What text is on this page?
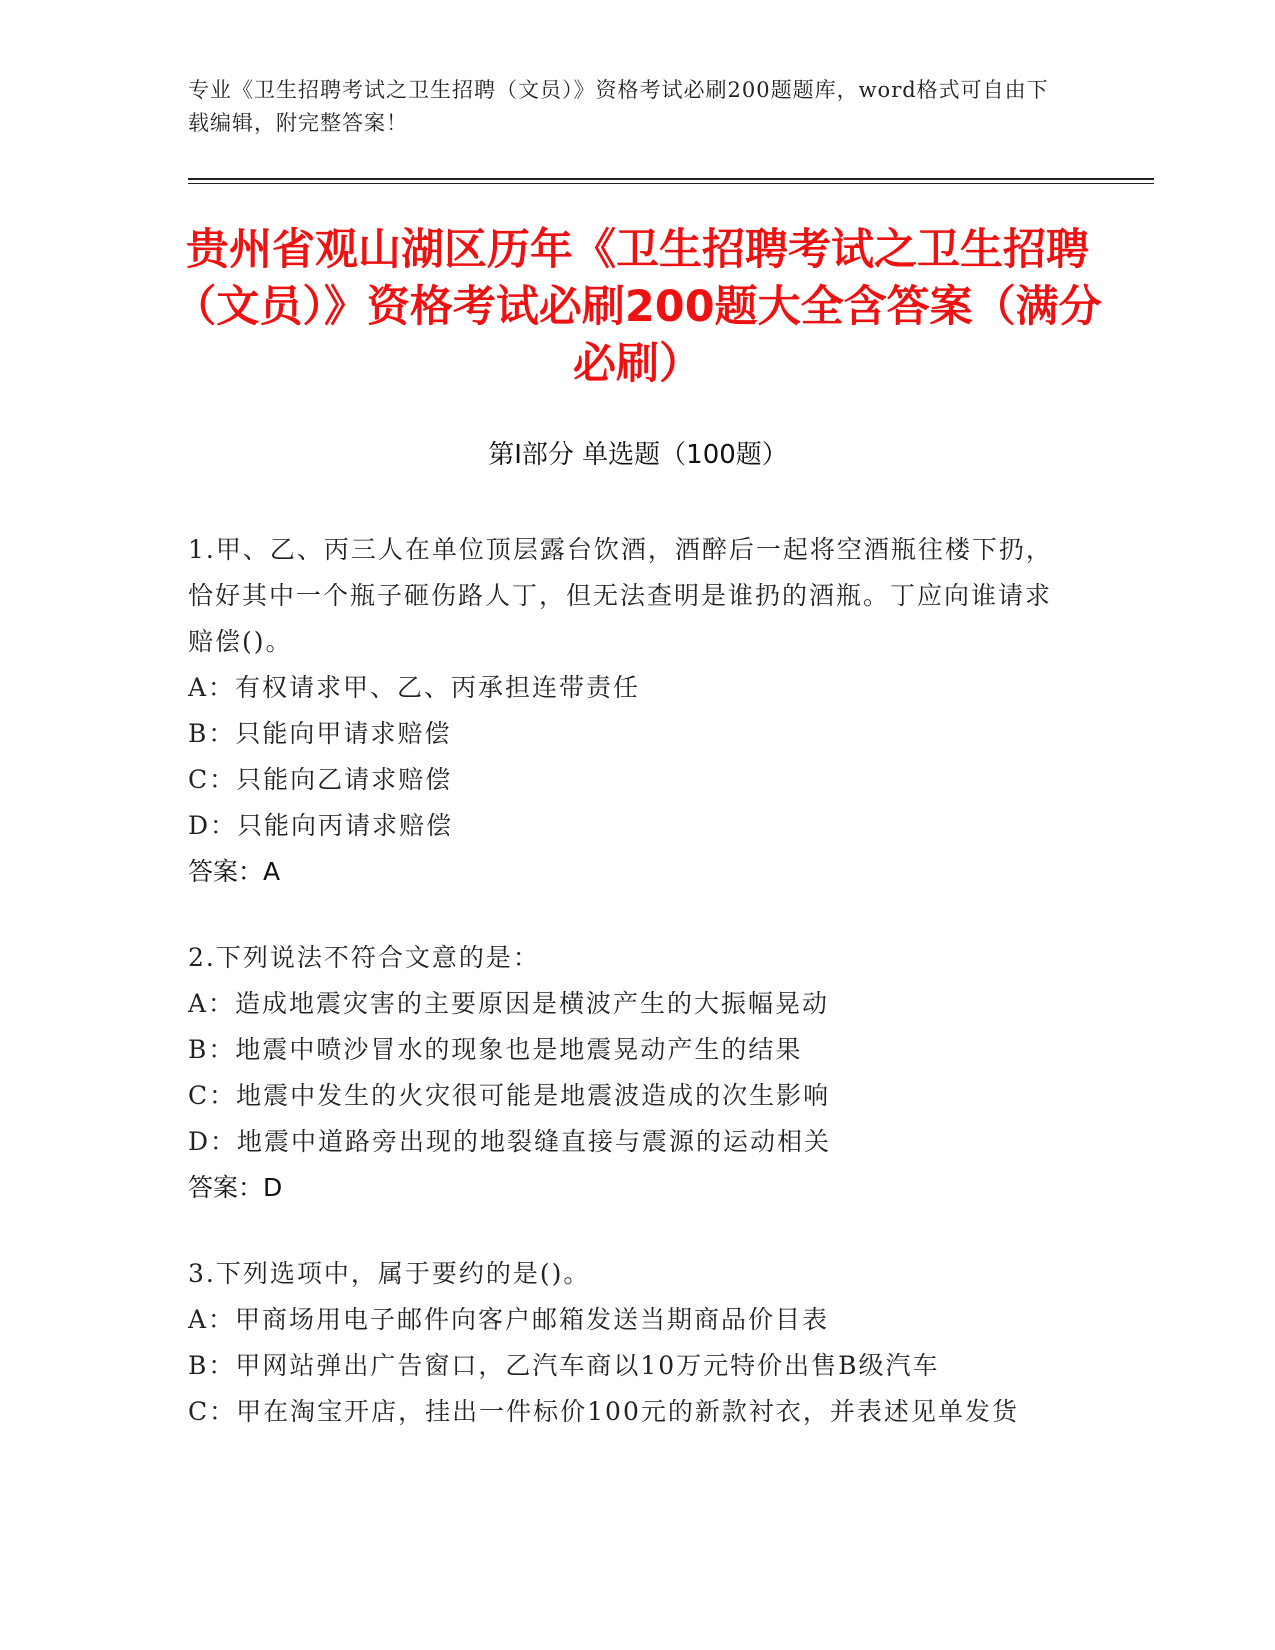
专业《卫生招聘考试之卫生招聘（文员）》资格考试必刷200题题库，word格式可自由下载编辑，附完整答案！
贵州省观山湖区历年《卫生招聘考试之卫生招聘（文员）》资格考试必刷200题大全含答案（满分必刷）
第I部分 单选题（100题）
1.甲、乙、丙三人在单位顶层露台饮酒，酒醉后一起将空酒瓶往楼下扔，恰好其中一个瓶子砸伤路人丁，但无法查明是谁扔的酒瓶。丁应向谁请求赔偿()。
A：有权请求甲、乙、丙承担连带责任
B：只能向甲请求赔偿
C：只能向乙请求赔偿
D：只能向丙请求赔偿
答案：A
2.下列说法不符合文意的是：
A：造成地震灾害的主要原因是横波产生的大振幅晃动
B：地震中喷沙冒水的现象也是地震晃动产生的结果
C：地震中发生的火灾很可能是地震波造成的次生影响
D：地震中道路旁出现的地裂缝直接与震源的运动相关
答案：D
3.下列选项中，属于要约的是()。
A：甲商场用电子邮件向客户邮箱发送当期商品价目表
B：甲网站弹出广告窗口，乙汽车商以10万元特价出售B级汽车
C：甲在淘宝开店，挂出一件标价100元的新款衬衣，并表述见单发货
